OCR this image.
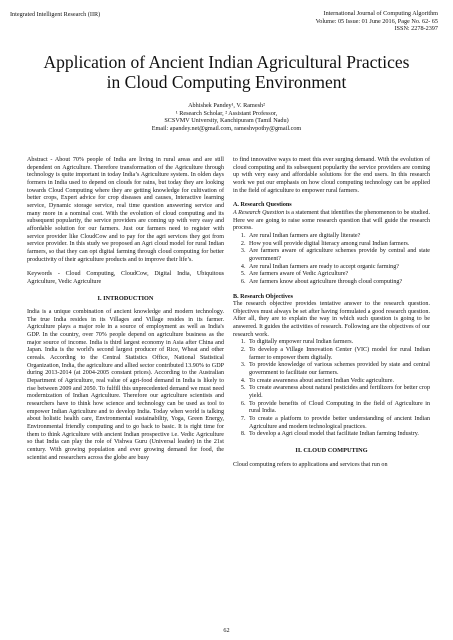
Integrated Intelligent Research (IIR)	International Journal of Computing Algorithm
Volume: 05 Issue: 01 June 2016, Page No. 62- 65
ISSN: 2278-2397
Application of Ancient Indian Agricultural Practices
in Cloud Computing Environment
Abhishek Pandey¹, V. Ramesh²
¹ Research Scholar, ² Assistant Professor,
SCSVMV University, Kanchipuram (Tamil Nadu)
Email: apandey.net@gmail.com, rameshvpothy@gmail.com

Abstract - About 70% people of India are living in rural areas and are still dependent on Agriculture. Therefore transformation of the Agriculture through technology is quite important in today India’s Agriculture system. In olden days formers in India used to depend on clouds for rains, but today they are looking towards Cloud Computing where they are getting knowledge for cultivation of better crops, Expert advice for crop diseases and causes, Interactive learning service, Dynamic storage service, real time question answering service and many more in a nominal cost. With the evolution of cloud computing and its subsequent popularity, the service providers are coming up with very easy and affordable solution for our farmers. Just our farmers need to register with service provider like CloudCow and to pay for the agri services they got from service provider. In this study we proposed an Agri cloud model for rural Indian farmers, so that they can opt digital farming through cloud computing for better productivity of their agriculture products and to improve their life’s.

Keywords - Cloud Computing, CloudCow, Digital India, Ubiquitous Agriculture, Vedic Agriculture

I. INTRODUCTION

India is a unique combination of ancient knowledge and modern technology. The true India resides in its Villages and Village resides in its farmer. Agriculture plays a major role in a source of employment as well as India's GDP. In the country, over 70% people depend on agriculture business as the major source of income. India is third largest economy in Asia after China and Japan. India is the world's second largest producer of Rice, Wheat and other cereals. According to the Central Statistics Office, National Statistical Organization, India, the agriculture and allied sector contributed 13.90% to GDP during 2013-2014 (at 2004-2005 constant prices). According to the Australian Department of Agriculture, real value of agri-food demand in India is likely to rise between 2009 and 2050. To fulfill this unprecedented demand we must need modernization of Indian Agriculture. Therefore our agriculture scientists and researchers have to think how science and technology can be used as tool to empower Indian Agriculture and to develop India. Today when world is talking about holistic health care, Environmental sustainability, Yoga, Green Energy, Environmental friendly computing and to go back to basic. It is right time for them to think Agriculture with ancient Indian prospective i.e. Vedic Agriculture so that India can play the role of Vishwa Guru (Universal leader) in the 21st century. With growing population and ever growing demand for food, the scientist and researchers across the globe are busy

to find innovative ways to meet this ever surging demand. With the evolution of cloud computing and its subsequent popularity the service providers are coming up with very easy and affordable solutions for the end users. In this research work we put our emphasis on how cloud computing technology can be applied in the field of agriculture to empower rural farmers.

A. Research Questions

A Research Question is a statement that identifies the phenomenon to be studied. Here we are going to raise some research question that will guide the research process.

1. Are rural Indian farmers are digitally literate?
2. How you will provide digital literacy among rural Indian farmers.
3. Are farmers aware of agriculture schemes provide by central and state government?
4. Are rural Indian farmers are ready to accept organic farming?
5. Are farmers aware of Vedic Agriculture?
6. Are farmers know about agriculture through cloud computing?
B. Research Objectives

The research objective provides tentative answer to the research question. Objectives must always be set after having formulated a good research question. After all, they are to explain the way in which such question is going to be answered. It guides the activities of research. Following are the objectives of our research work.

1. To digitally empower rural Indian farmers.
2. To develop a Village Innovation Center (VIC) model for rural Indian farmer to empower them digitally.
3. To provide knowledge of various schemes provided by state and central government to facilitate our farmers.
4. To create awareness about ancient Indian Vedic agriculture.
5. To create awareness about natural pesticides and fertilizers for better crop yield.
6. To provide benefits of Cloud Computing in the field of Agriculture in rural India.
7. To create a platform to provide better understanding of ancient Indian Agriculture and modern technological practices.
8. To develop a Agri cloud model that facilitate Indian farming Industry.
II. CLOUD COMPUTING

Cloud computing refers to applications and services that run on

62
